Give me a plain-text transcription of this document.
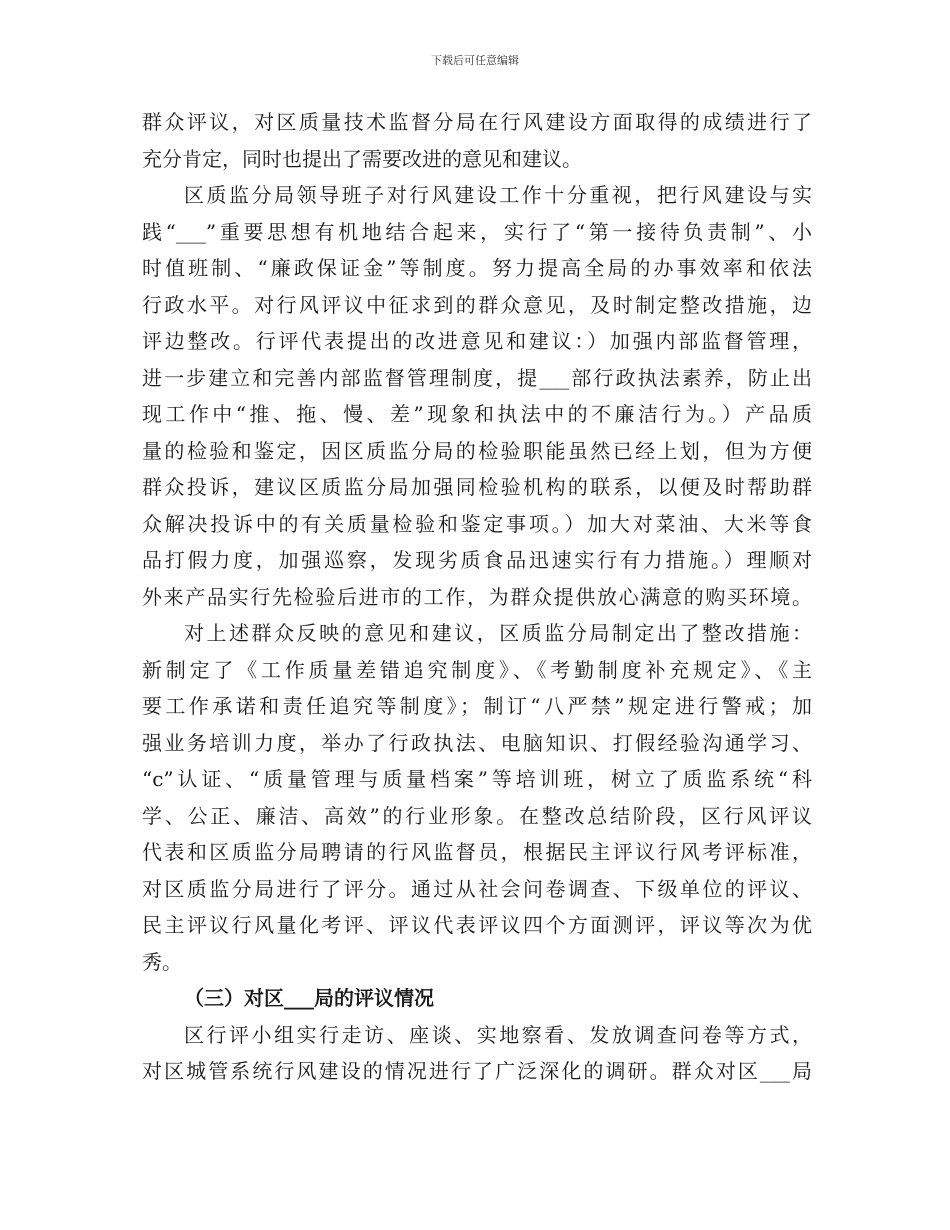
下载后可任意编辑
群众评议，对区质量技术监督分局在行风建设方面取得的成绩进行了
充分肯定，同时也提出了需要改进的意见和建议。
区质监分局领导班子对行风建设工作十分重视，把行风建设与实
践“___”重要思想有机地结合起来，实行了“第一接待负责制”、小
时值班制、“廉政保证金”等制度。努力提高全局的办事效率和依法
行政水平。对行风评议中征求到的群众意见，及时制定整改措施，边
评边整改。行评代表提出的改进意见和建议：）加强内部监督管理，
进一步建立和完善内部监督管理制度，提___部行政执法素养，防止出
现工作中“推、拖、慢、差”现象和执法中的不廉洁行为。）产品质
量的检验和鉴定，因区质监分局的检验职能虽然已经上划，但为方便
群众投诉，建议区质监分局加强同检验机构的联系，以便及时帮助群
众解决投诉中的有关质量检验和鉴定事项。）加大对菜油、大米等食
品打假力度，加强巡察，发现劣质食品迅速实行有力措施。）理顺对
外来产品实行先检验后进市的工作，为群众提供放心满意的购买环境。
对上述群众反映的意见和建议，区质监分局制定出了整改措施：
新制定了《工作质量差错追究制度》、《考勤制度补充规定》、《主
要工作承诺和责任追究等制度》；制订“八严禁”规定进行警戒；加
强业务培训力度，举办了行政执法、电脑知识、打假经验沟通学习、
“c”认证、“质量管理与质量档案”等培训班，树立了质监系统“科
学、公正、廉洁、高效”的行业形象。在整改总结阶段，区行风评议
代表和区质监分局聘请的行风监督员，根据民主评议行风考评标准，
对区质监分局进行了评分。通过从社会问卷调查、下级单位的评议、
民主评议行风量化考评、评议代表评议四个方面测评，评议等次为优
秀。
（三）对区___局的评议情况
区行评小组实行走访、座谈、实地察看、发放调查问卷等方式，
对区城管系统行风建设的情况进行了广泛深化的调研。群众对区___局
